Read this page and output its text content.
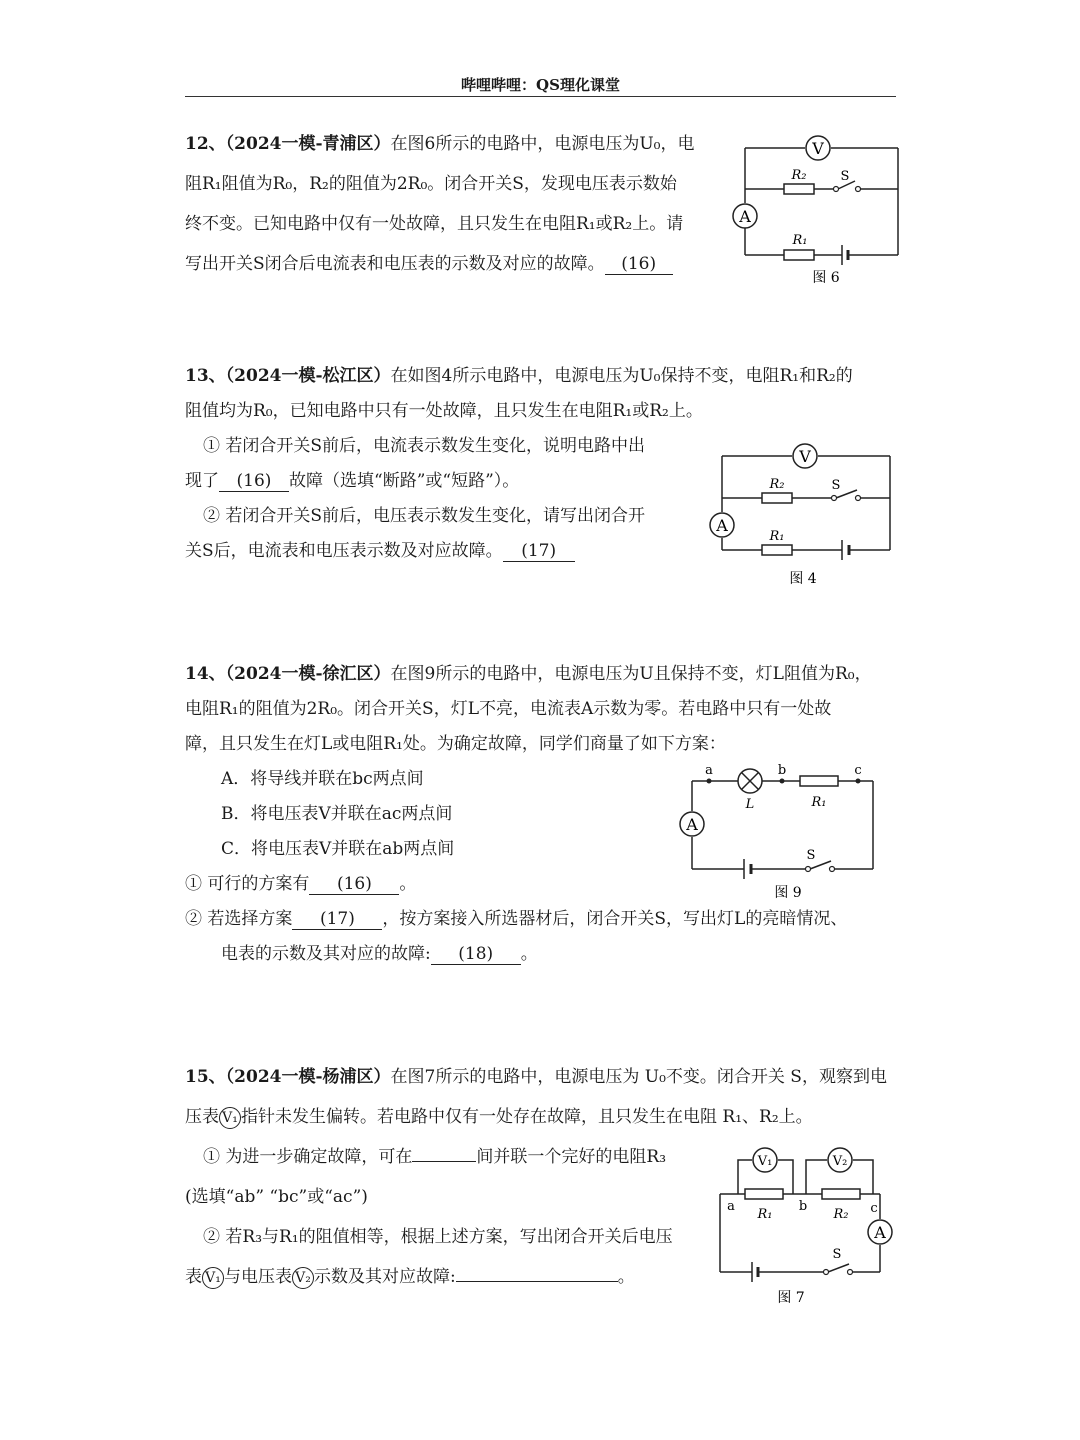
哔哩哔哩：QS理化课堂
12、（2024一模-青浦区）在图6所示的电路中，电源电压为U₀，电
阻R₁阻值为R₀，R₂的阻值为2R₀。闭合开关S，发现电压表示数始
终不变。已知电路中仅有一处故障，且只发生在电阻R₁或R₂上。请
写出开关S闭合后电流表和电压表的示数及对应的故障。 (16)
V
A
R₂	S
R₁
图 6
13、（2024一模-松江区）在如图4所示电路中，电源电压为U₀保持不变，电阻R₁和R₂的
阻值均为R₀，已知电路中只有一处故障，且只发生在电阻R₁或R₂上。
① 若闭合开关S前后，电流表示数发生变化，说明电路中出
现了 (16) 故障（选填“断路”或“短路”）。
② 若闭合开关S前后，电压表示数发生变化，请写出闭合开
关S后，电流表和电压表示数及对应故障。 (17)
V
A
R₂	S
R₁
图 4
14、（2024一模-徐汇区）在图9所示的电路中，电源电压为U且保持不变，灯L阻值为R₀，
电阻R₁的阻值为2R₀。闭合开关S，灯L不亮，电流表A示数为零。若电路中只有一处故
障，且只发生在灯L或电阻R₁处。为确定故障，同学们商量了如下方案：
A．将导线并联在bc两点间
B．将电压表V并联在ac两点间
C．将电压表V并联在ab两点间
① 可行的方案有 (16) 。
② 若选择方案 (17) ，按方案接入所选器材后，闭合开关S，写出灯L的亮暗情况、
电表的示数及其对应的故障: (18) 。
a	b	c
L	R₁
A
S
图 9
15、（2024一模-杨浦区）在图7所示的电路中，电源电压为 U₀不变。闭合开关 S，观察到电
压表 V₁ 指针未发生偏转。若电路中仅有一处存在故障，且只发生在电阻 R₁、R₂上。
① 为进一步确定故障，可在	间并联一个完好的电阻R₃
(选填“ab” “bc”或“ac”)
② 若R₃与R₁的阻值相等，根据上述方案，写出闭合开关后电压
表 V₁ 与电压表 V₂ 示数及其对应故障:	。
V₁	V₂
R₁	R₂
a	b	c
A
S
图 7
